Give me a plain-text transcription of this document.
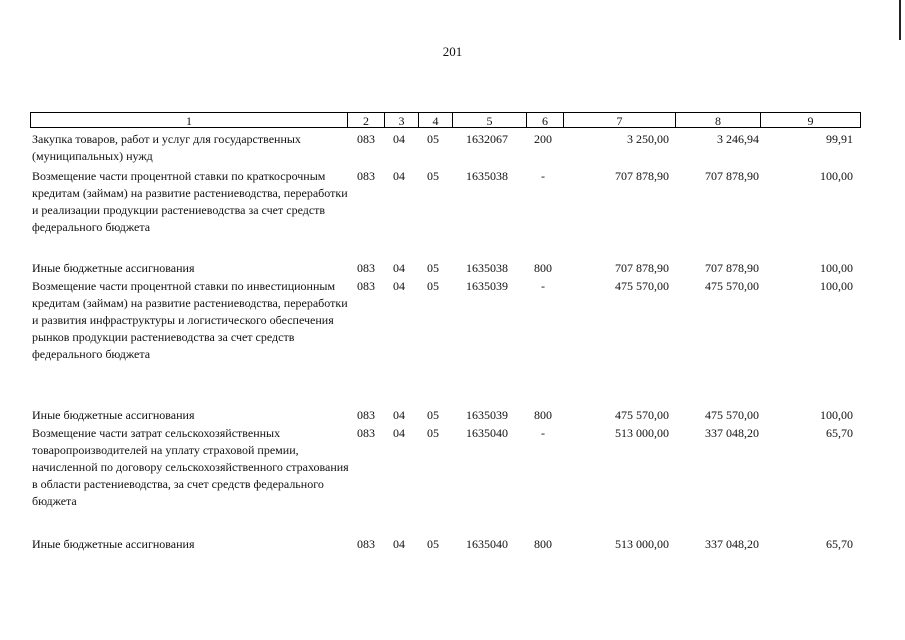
201
1	2	3	4	5	6	7	8	9
Закупка товаров, работ и услуг для государственных (муниципальных) нужд
083 04 05 1632067 200	3 250,00	3 246,94	99,91
Возмещение части процентной ставки по краткосрочным кредитам (займам) на развитие растениеводства, переработки и реализации продукции растениеводства за счет средств федерального бюджета
083 04 05 1635038	-	707 878,90	707 878,90	100,00
Иные бюджетные ассигнования	083 04 05 1635038 800	707 878,90	707 878,90	100,00
Возмещение части процентной ставки по инвестиционным кредитам (займам) на развитие растениеводства, переработки и развития инфраструктуры и логистического обеспечения рынков продукции растениеводства за счет средств федерального бюджета
083 04 05 1635039	-	475 570,00	475 570,00	100,00
Иные бюджетные ассигнования	083 04 05 1635039 800	475 570,00	475 570,00	100,00
Возмещение части затрат сельскохозяйственных товаропроизводителей на уплату страховой премии, начисленной по договору сельскохозяйственного страхования в области растениеводства, за счет средств федерального бюджета
083 04 05 1635040	-	513 000,00	337 048,20	65,70
Иные бюджетные ассигнования	083 04 05 1635040 800	513 000,00	337 048,20	65,70
